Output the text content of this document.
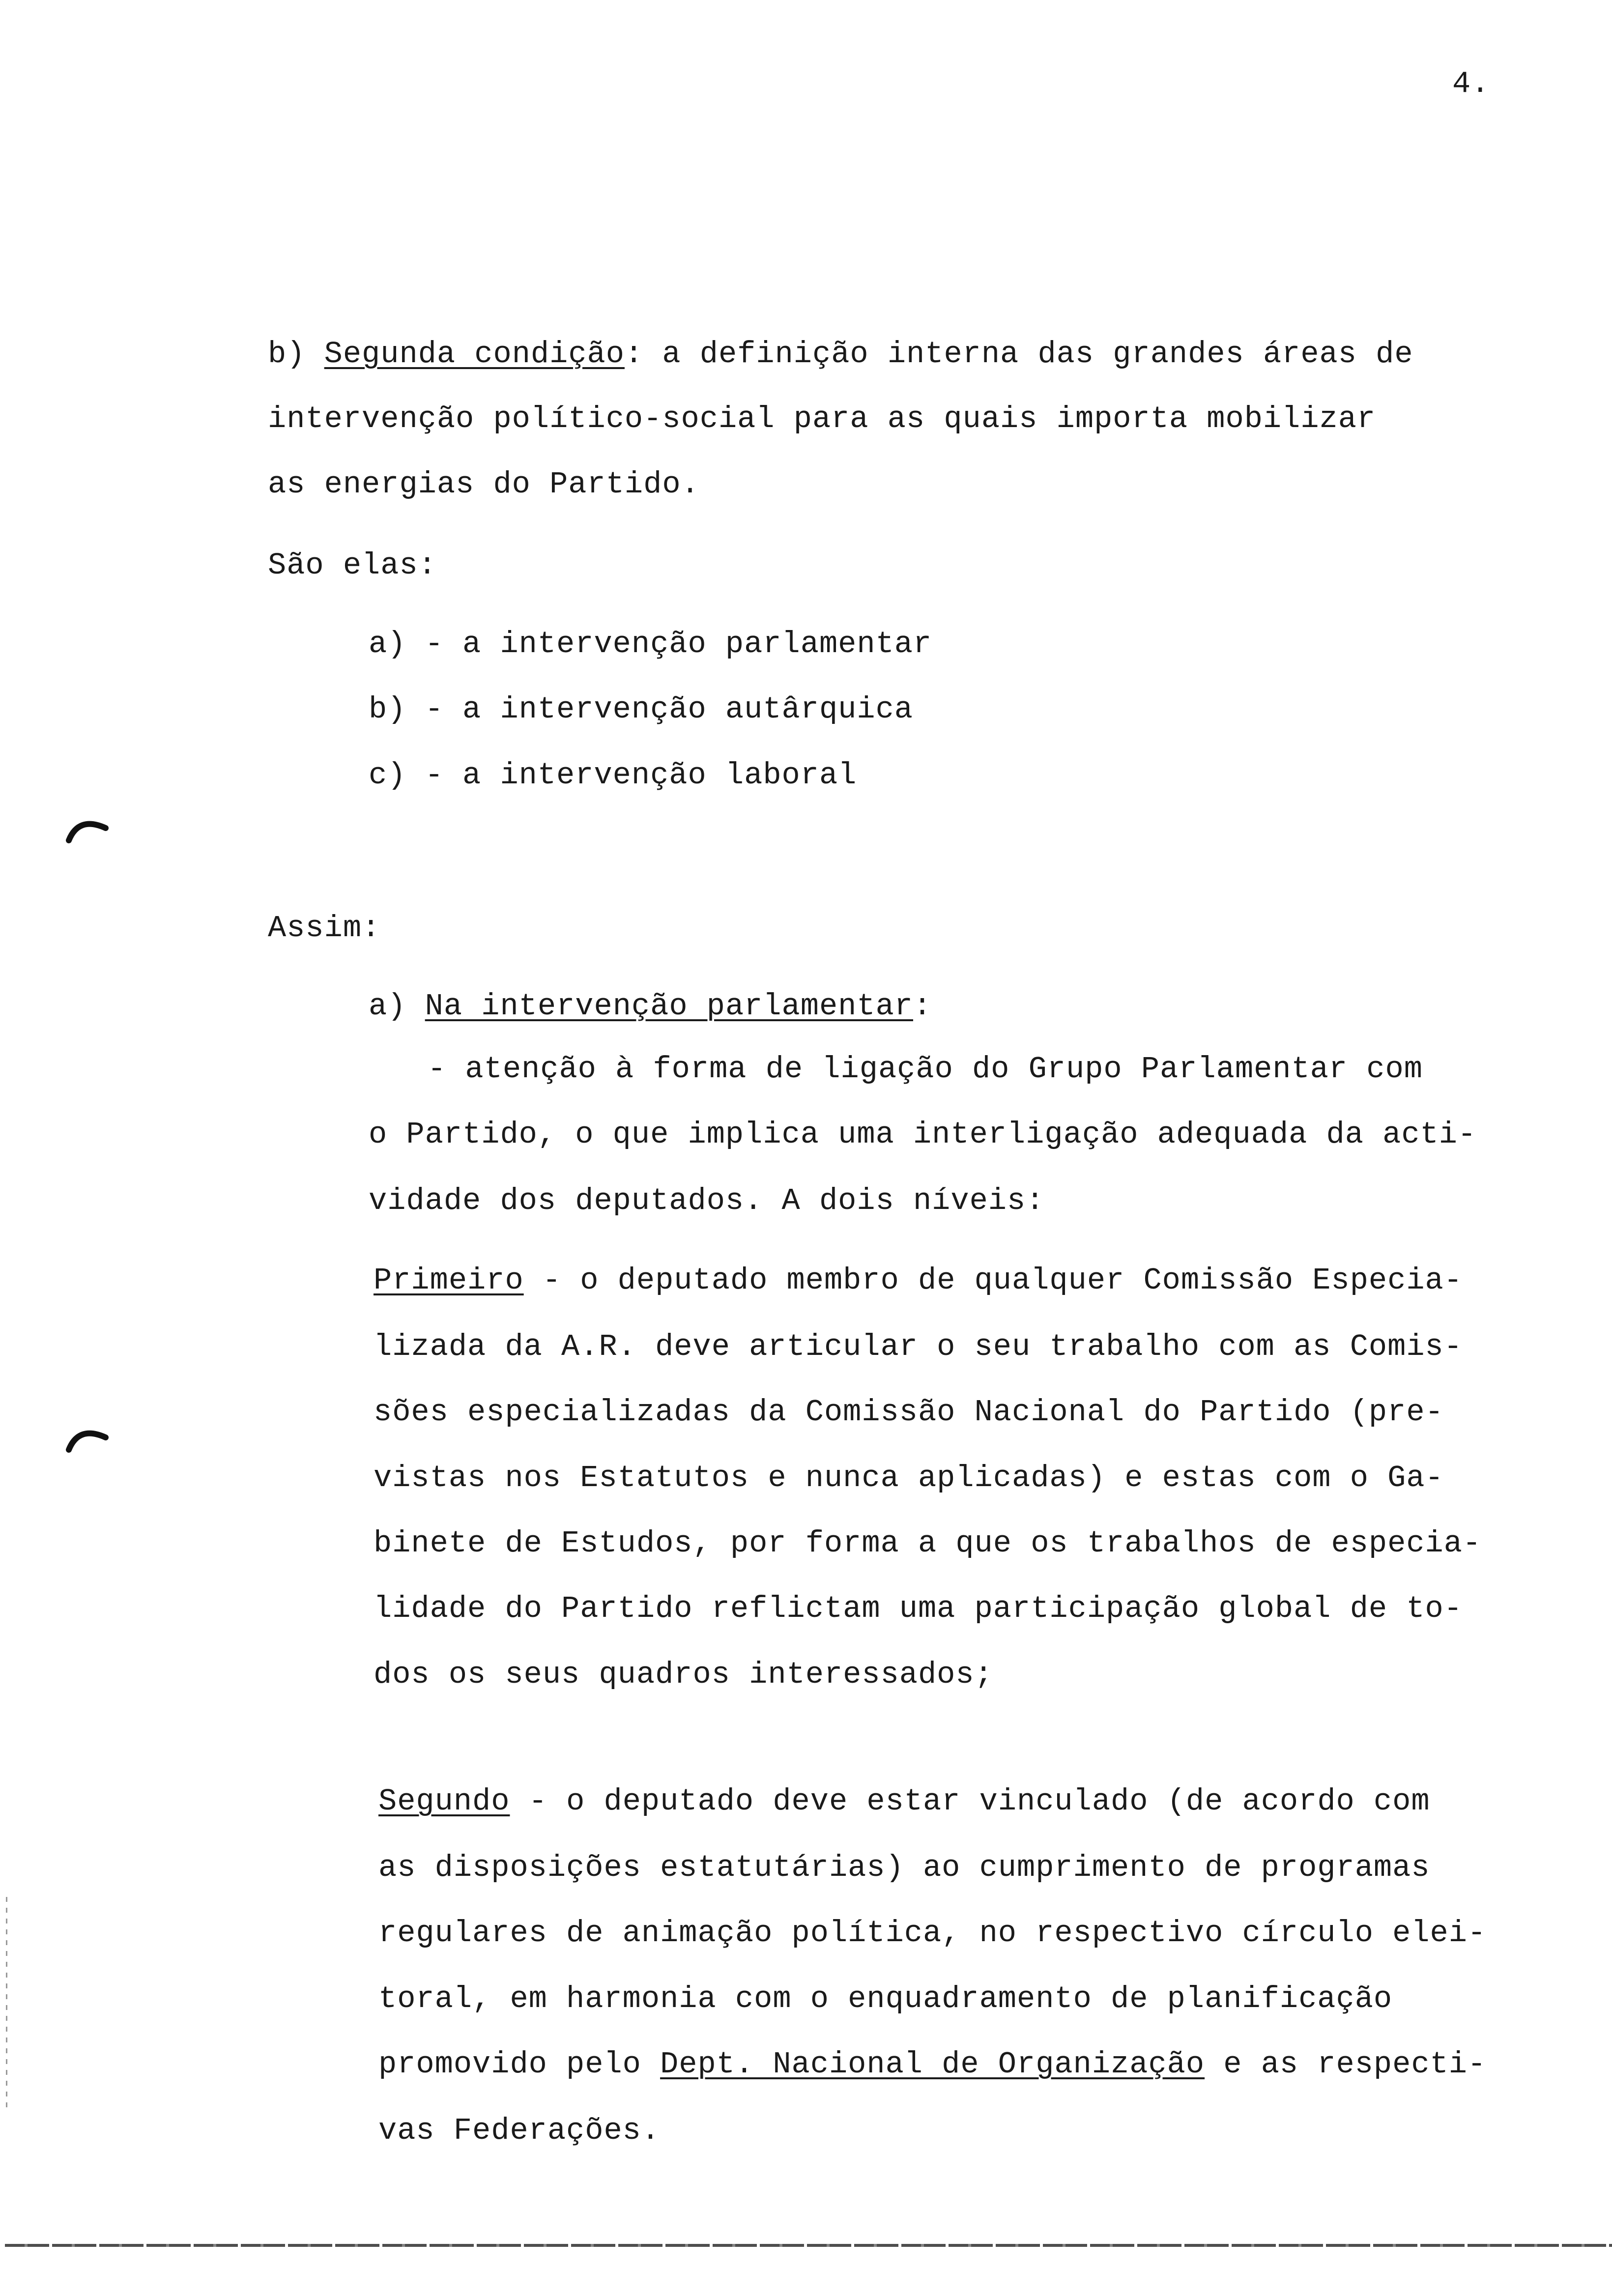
4.
b) Segunda condição: a definição interna das grandes áreas de
intervenção político-social para as quais importa mobilizar
as energias do Partido.
São elas:
a) - a intervenção parlamentar
b) - a intervenção autârquica
c) - a intervenção laboral
Assim:
a) Na intervenção parlamentar:
- atenção à forma de ligação do Grupo Parlamentar com
o Partido, o que implica uma interligação adequada da acti-
vidade dos deputados. A dois níveis:
Primeiro - o deputado membro de qualquer Comissão Especia-
lizada da A.R. deve articular o seu trabalho com as Comis-
sões especializadas da Comissão Nacional do Partido (pre-
vistas nos Estatutos e nunca aplicadas) e estas com o Ga-
binete de Estudos, por forma a que os trabalhos de especia-
lidade do Partido reflictam uma participação global de to-
dos os seus quadros interessados;
Segundo - o deputado deve estar vinculado (de acordo com
as disposições estatutárias) ao cumprimento de programas
regulares de animação política, no respectivo círculo elei-
toral, em harmonia com o enquadramento de planificação
promovido pelo Dept. Nacional de Organização e as respecti-
vas Federações.
